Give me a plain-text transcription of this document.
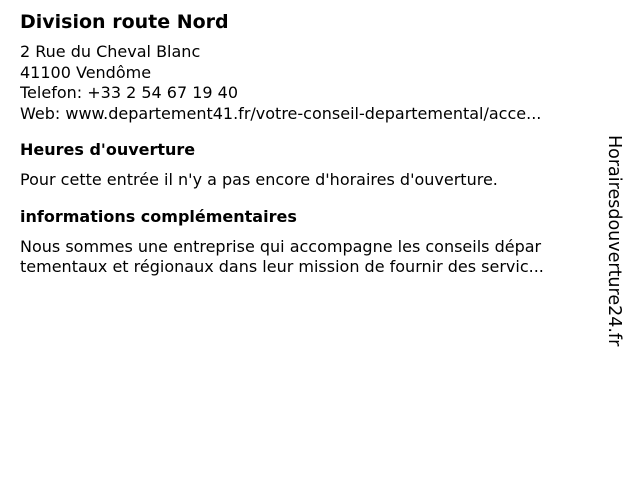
Division route Nord
2 Rue du Cheval Blanc
41100 Vendôme
Telefon: +33 2 54 67 19 40
Web: www.departement41.fr/votre-conseil-departemental/acce...
Heures d'ouverture
Pour cette entrée il n'y a pas encore d'horaires d'ouverture.
informations complémentaires
Nous sommes une entreprise qui accompagne les conseils dépar
tementaux et régionaux dans leur mission de fournir des servic...	Horairesdouverture24.fr
